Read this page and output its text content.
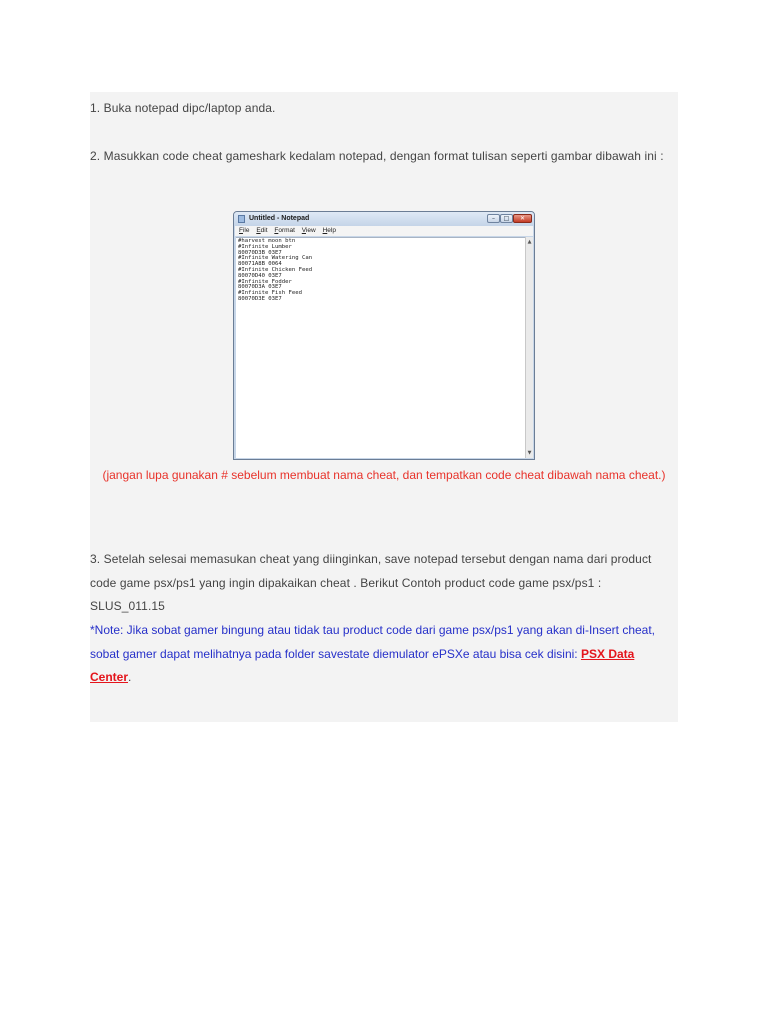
1. Buka notepad dipc/laptop anda.

2. Masukkan code cheat gameshark kedalam notepad, dengan format tulisan seperti gambar dibawah ini :

Untitled - Notepad	–	□	✕
File Edit Format View Help
#harvest moon btn
#Infinite Lumber
80070D3B 03E7
#Infinite Watering Can
80071A8B 0064
#Infinite Chicken Feed
80070D40 03E7
#Infinite Fodder
80070D3A 03E7
#Infinite Fish Feed
80070D3E 03E7
▲
▼

(jangan lupa gunakan # sebelum membuat nama cheat, dan tempatkan code cheat dibawah nama cheat.)

3. Setelah selesai memasukan cheat yang diinginkan, save notepad tersebut dengan nama dari product code game psx/ps1 yang ingin dipakaikan cheat . Berikut Contoh product code game psx/ps1 : SLUS_011.15

*Note: Jika sobat gamer bingung atau tidak tau product code dari game psx/ps1 yang akan di-Insert cheat, sobat gamer dapat melihatnya pada folder savestate diemulator ePSXe atau bisa cek disini: PSX Data Center.
